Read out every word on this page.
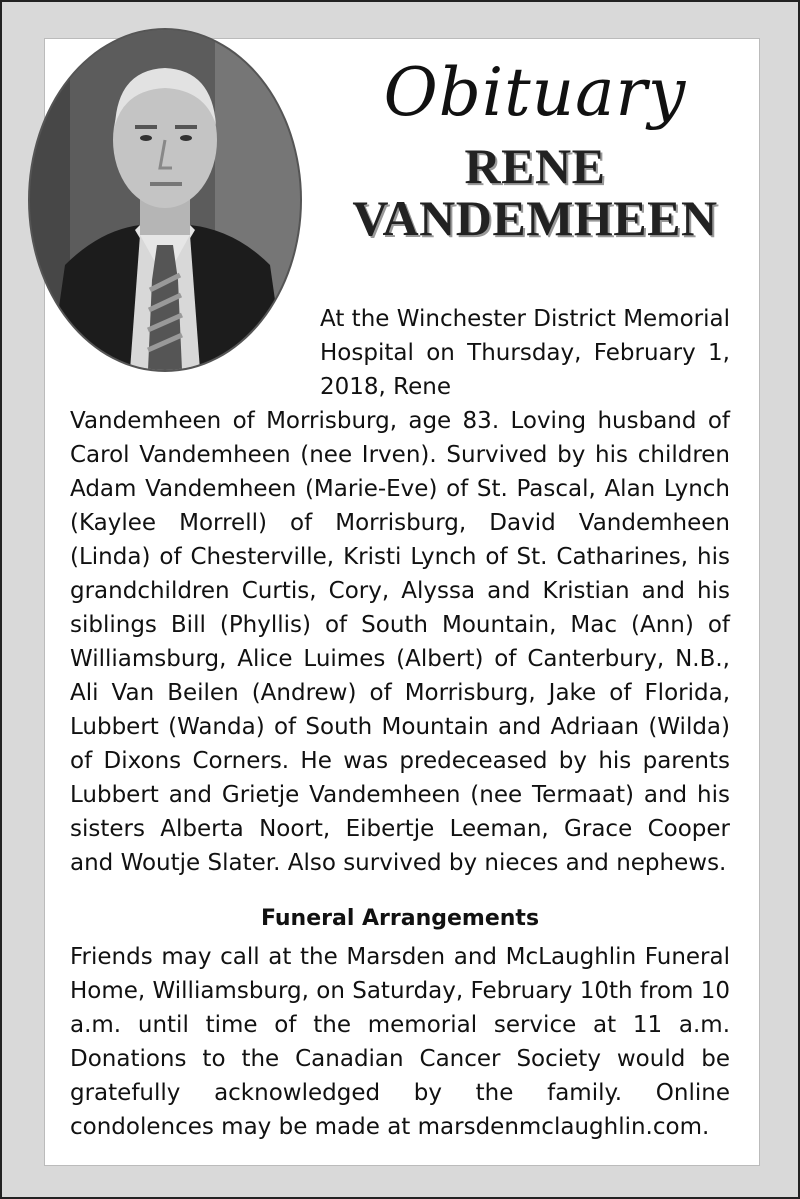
Obituary
RENE
VANDEMHEEN

At the Winchester District Memorial Hospital on Thursday, February 1, 2018, Rene

Vandemheen of Morrisburg, age 83. Loving husband of Carol Vandemheen (nee Irven). Survived by his children Adam Vandemheen (Marie-Eve) of St. Pascal, Alan Lynch (Kaylee Morrell) of Morrisburg, David Vandemheen (Linda) of Chesterville, Kristi Lynch of St. Catharines, his grandchildren Curtis, Cory, Alyssa and Kristian and his siblings Bill (Phyllis) of South Mountain, Mac (Ann) of Williamsburg, Alice Luimes (Albert) of Canterbury, N.B., Ali Van Beilen (Andrew) of Morrisburg, Jake of Florida, Lubbert (Wanda) of South Mountain and Adriaan (Wilda) of Dixons Corners. He was predeceased by his parents Lubbert and Grietje Vandemheen (nee Termaat) and his sisters Alberta Noort, Eibertje Leeman, Grace Cooper and Woutje Slater. Also survived by nieces and nephews.

Funeral Arrangements

Friends may call at the Marsden and McLaughlin Funeral Home, Williamsburg, on Saturday, February 10th from 10 a.m. until time of the memorial service at 11 a.m. Donations to the Canadian Cancer Society would be gratefully acknowledged by the family. Online condolences may be made at marsdenmclaughlin.com.
